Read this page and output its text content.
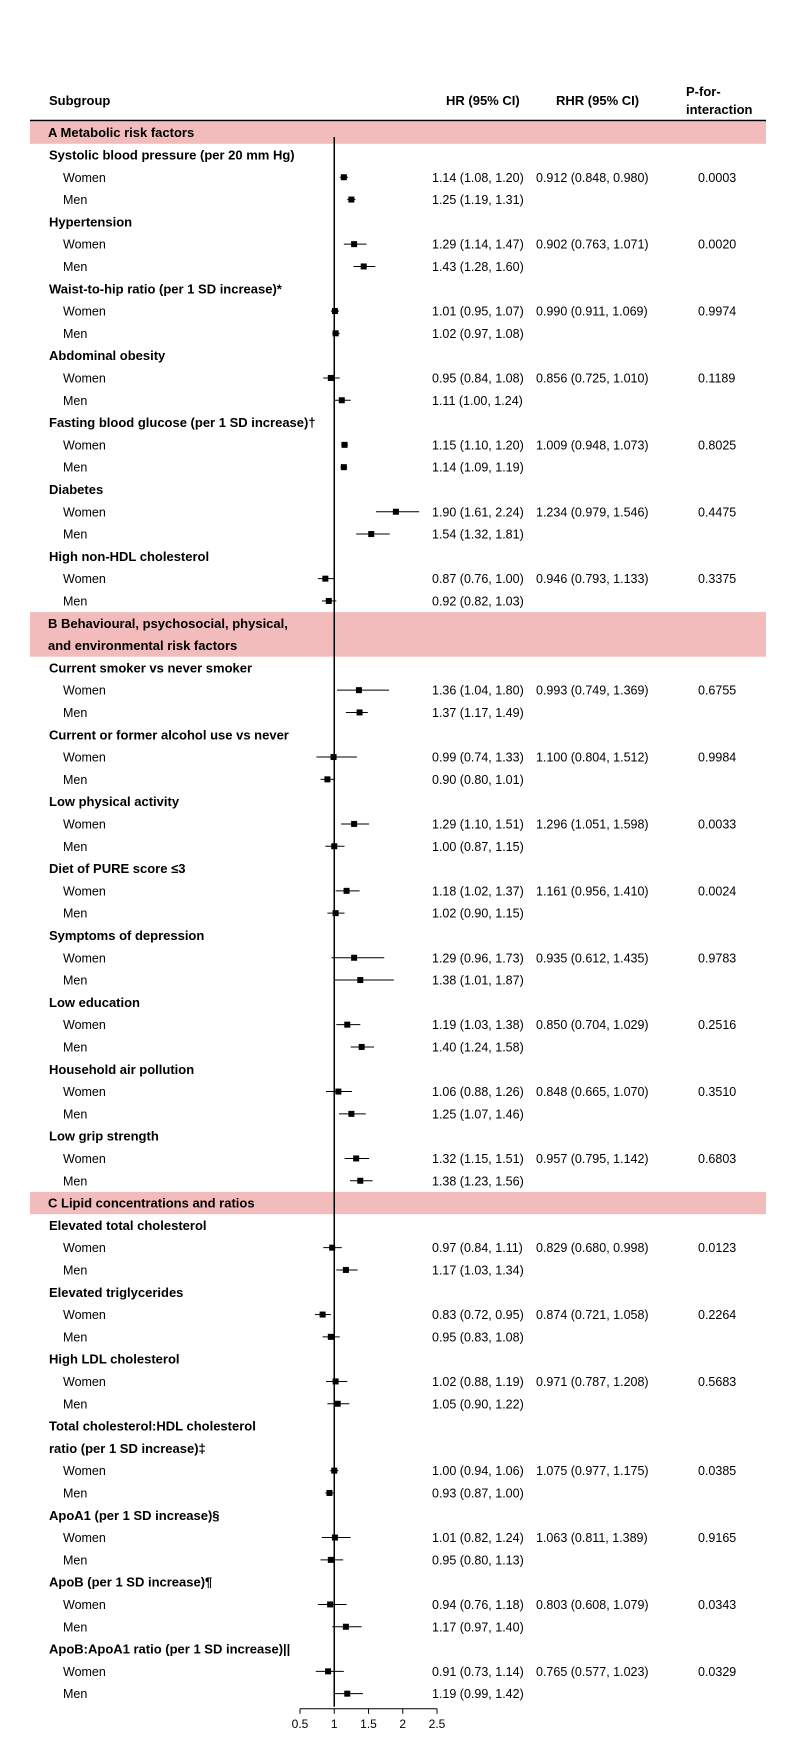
Subgroup	HR (95% CI)	RHR (95% CI)
P-for-
interaction
A Metabolic risk factors
Systolic blood pressure (per 20 mm Hg)
Women	1.14 (1.08, 1.20) 0.912 (0.848, 0.980)	0.0003
Men	1.25 (1.19, 1.31)
Hypertension
Women	1.29 (1.14, 1.47) 0.902 (0.763, 1.071)	0.0020
Men	1.43 (1.28, 1.60)
Waist-to-hip ratio (per 1 SD increase)*
Women	1.01 (0.95, 1.07) 0.990 (0.911, 1.069)	0.9974
Men	1.02 (0.97, 1.08)
Abdominal obesity
Women	0.95 (0.84, 1.08) 0.856 (0.725, 1.010)	0.1189
Men	1.11 (1.00, 1.24)
Fasting blood glucose (per 1 SD increase)†
Women	1.15 (1.10, 1.20) 1.009 (0.948, 1.073)	0.8025
Men	1.14 (1.09, 1.19)
Diabetes
Women	1.90 (1.61, 2.24) 1.234 (0.979, 1.546)	0.4475
Men	1.54 (1.32, 1.81)
High non-HDL cholesterol
Women	0.87 (0.76, 1.00) 0.946 (0.793, 1.133)	0.3375
Men	0.92 (0.82, 1.03)
B Behavioural, psychosocial, physical,
and environmental risk factors
Current smoker vs never smoker
Women	1.36 (1.04, 1.80) 0.993 (0.749, 1.369)	0.6755
Men	1.37 (1.17, 1.49)
Current or former alcohol use vs never
Women	0.99 (0.74, 1.33) 1.100 (0.804, 1.512)	0.9984
Men	0.90 (0.80, 1.01)
Low physical activity
Women	1.29 (1.10, 1.51) 1.296 (1.051, 1.598)	0.0033
Men	1.00 (0.87, 1.15)
Diet of PURE score ≤3
Women	1.18 (1.02, 1.37) 1.161 (0.956, 1.410)	0.0024
Men	1.02 (0.90, 1.15)
Symptoms of depression
Women	1.29 (0.96, 1.73) 0.935 (0.612, 1.435)	0.9783
Men	1.38 (1.01, 1.87)
Low education
Women	1.19 (1.03, 1.38) 0.850 (0.704, 1.029)	0.2516
Men	1.40 (1.24, 1.58)
Household air pollution
Women	1.06 (0.88, 1.26) 0.848 (0.665, 1.070)	0.3510
Men	1.25 (1.07, 1.46)
Low grip strength
Women	1.32 (1.15, 1.51) 0.957 (0.795, 1.142)	0.6803
Men	1.38 (1.23, 1.56)
C Lipid concentrations and ratios
Elevated total cholesterol
Women	0.97 (0.84, 1.11) 0.829 (0.680, 0.998)	0.0123
Men	1.17 (1.03, 1.34)
Elevated triglycerides
Women	0.83 (0.72, 0.95) 0.874 (0.721, 1.058)	0.2264
Men	0.95 (0.83, 1.08)
High LDL cholesterol
Women	1.02 (0.88, 1.19) 0.971 (0.787, 1.208)	0.5683
Men	1.05 (0.90, 1.22)
Total cholesterol:HDL cholesterol
ratio (per 1 SD increase)‡
Women	1.00 (0.94, 1.06) 1.075 (0.977, 1.175)	0.0385
Men	0.93 (0.87, 1.00)
ApoA1 (per 1 SD increase)§
Women	1.01 (0.82, 1.24) 1.063 (0.811, 1.389)	0.9165
Men	0.95 (0.80, 1.13)
ApoB (per 1 SD increase)¶
Women	0.94 (0.76, 1.18) 0.803 (0.608, 1.079)	0.0343
Men	1.17 (0.97, 1.40)
ApoB:ApoA1 ratio (per 1 SD increase)||
Women	0.91 (0.73, 1.14) 0.765 (0.577, 1.023)	0.0329
Men	1.19 (0.99, 1.42)
0.5 1 1.5 2 2.5
